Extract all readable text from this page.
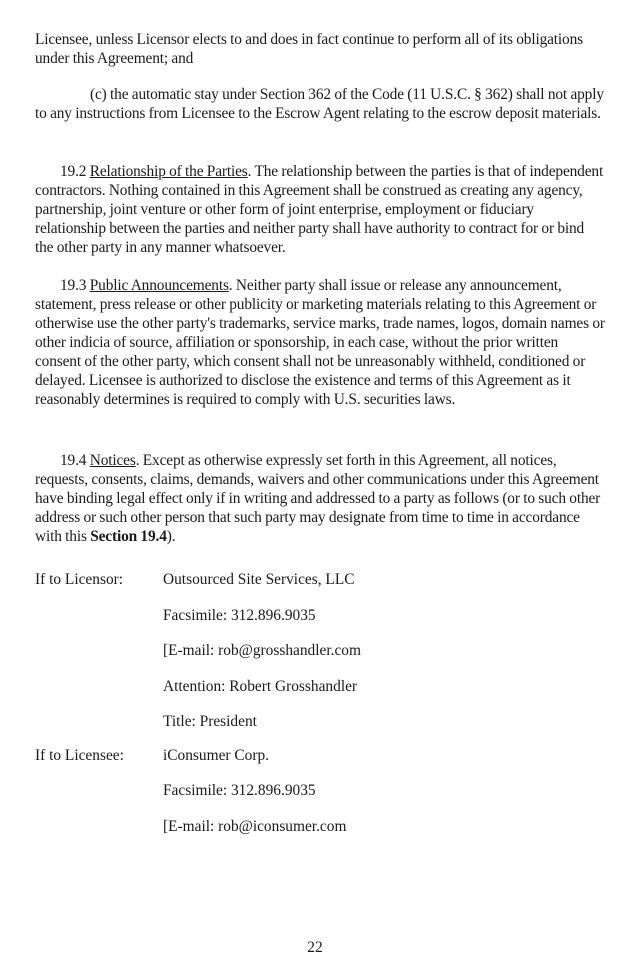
Licensee, unless Licensor elects to and does in fact continue to perform all of its obligations under this Agreement; and

(c) the automatic stay under Section 362 of the Code (11 U.S.C. § 362) shall not apply to any instructions from Licensee to the Escrow Agent relating to the escrow deposit materials.

19.2 Relationship of the Parties. The relationship between the parties is that of independent contractors. Nothing contained in this Agreement shall be construed as creating any agency, partnership, joint venture or other form of joint enterprise, employment or fiduciary relationship between the parties and neither party shall have authority to contract for or bind the other party in any manner whatsoever.

19.3 Public Announcements. Neither party shall issue or release any announcement, statement, press release or other publicity or marketing materials relating to this Agreement or otherwise use the other party's trademarks, service marks, trade names, logos, domain names or other indicia of source, affiliation or sponsorship, in each case, without the prior written consent of the other party, which consent shall not be unreasonably withheld, conditioned or delayed. Licensee is authorized to disclose the existence and terms of this Agreement as it reasonably determines is required to comply with U.S. securities laws.

19.4 Notices. Except as otherwise expressly set forth in this Agreement, all notices, requests, consents, claims, demands, waivers and other communications under this Agreement have binding legal effect only if in writing and addressed to a party as follows (or to such other address or such other person that such party may designate from time to time in accordance with this Section 19.4).

If to Licensor:	Outsourced Site Services, LLC

Facsimile: 312.896.9035

[E-mail: rob@grosshandler.com

Attention: Robert Grosshandler

Title: President

If to Licensee:	iConsumer Corp.

Facsimile: 312.896.9035

[E-mail: rob@iconsumer.com

22
